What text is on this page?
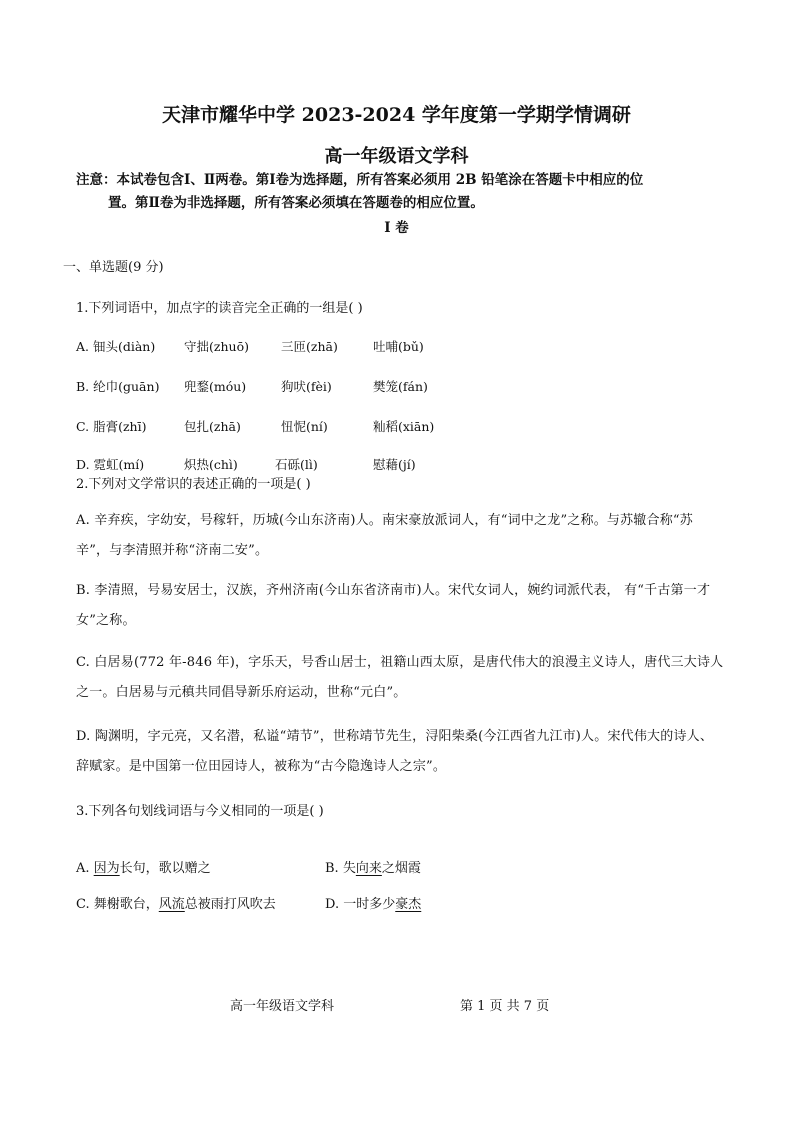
天津市耀华中学 2023-2024 学年度第一学期学情调研
高一年级语文学科
注意：本试卷包含Ⅰ、Ⅱ两卷。第Ⅰ卷为选择题，所有答案必须用 2B 铅笔涂在答题卡中相应的位
置。第Ⅱ卷为非选择题，所有答案必须填在答题卷的相应位置。
Ⅰ 卷
一、单选题(9 分)
1.下列词语中，加点字的读音完全正确的一组是( )
A. 钿头(diàn) 守拙(zhuō)	三匝(zhā)	吐哺(bǔ)
B. 纶巾(guān) 兜鍪(móu)	狗吠(fèi)	樊笼(fán)
C. 脂膏(zhī)	包扎(zhā)	忸怩(ní)	籼稻(xiān)
D. 霓虹(mí)	炽热(chì)	石砾(lì)	慰藉(jí)
2.下列对文学常识的表述正确的一项是( )
A. 辛弃疾，字幼安，号稼轩，历城(今山东济南)人。南宋豪放派词人，有“词中之龙”之称。与苏辙合称“苏辛”，与李清照并称“济南二安”。
B. 李清照，号易安居士，汉族，齐州济南(今山东省济南市)人。宋代女词人，婉约词派代表， 有“千古第一才女”之称。
C. 白居易(772 年-846 年)，字乐天，号香山居士，祖籍山西太原，是唐代伟大的浪漫主义诗人，唐代三大诗人之一。白居易与元稹共同倡导新乐府运动，世称“元白”。
D. 陶渊明，字元亮，又名潜，私谥“靖节”，世称靖节先生，浔阳柴桑(今江西省九江市)人。宋代伟大的诗人、辞赋家。是中国第一位田园诗人，被称为“古今隐逸诗人之宗”。
3.下列各句划线词语与今义相同的一项是( )
A. 因为长句，歌以赠之	B. 失向来之烟霞
C. 舞榭歌台，风流总被雨打风吹去	D. 一时多少豪杰
高一年级语文学科	第 1 页 共 7 页
